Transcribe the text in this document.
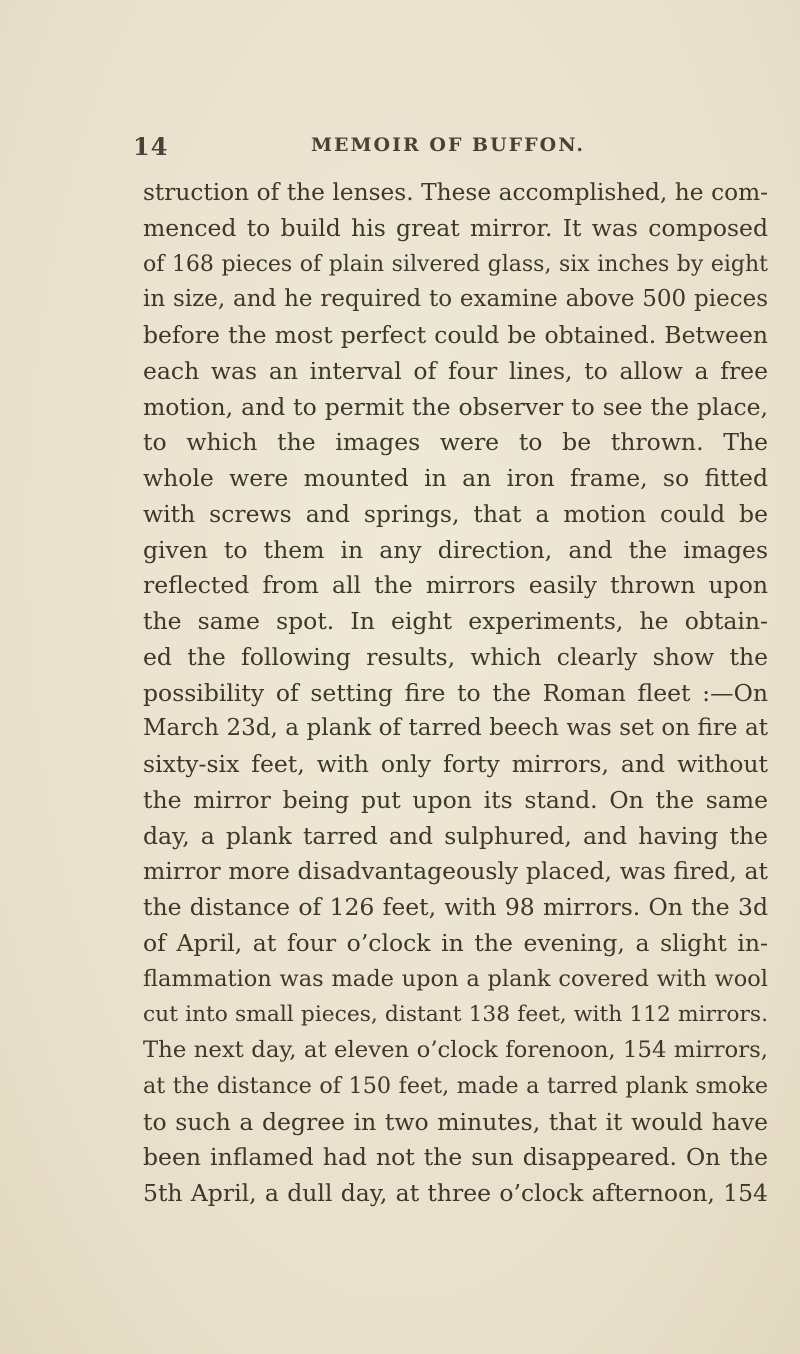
14	MEMOIR OF BUFFON.
struction of the lenses. These accomplished, he com-
menced to build his great mirror. It was composed
of 168 pieces of plain silvered glass, six inches by eight
in size, and he required to examine above 500 pieces
before the most perfect could be obtained. Between
each was an interval of four lines, to allow a free
motion, and to permit the observer to see the place,
to which the images were to be thrown. The
whole were mounted in an iron frame, so fitted
with screws and springs, that a motion could be
given to them in any direction, and the images
reflected from all the mirrors easily thrown upon
the same spot. In eight experiments, he obtain-
ed the following results, which clearly show the
possibility of setting fire to the Roman fleet :—On
March 23d, a plank of tarred beech was set on fire at
sixty-six feet, with only forty mirrors, and without
the mirror being put upon its stand. On the same
day, a plank tarred and sulphured, and having the
mirror more disadvantageously placed, was fired, at
the distance of 126 feet, with 98 mirrors. On the 3d
of April, at four o’clock in the evening, a slight in-
flammation was made upon a plank covered with wool
cut into small pieces, distant 138 feet, with 112 mirrors.
The next day, at eleven o’clock forenoon, 154 mirrors,
at the distance of 150 feet, made a tarred plank smoke
to such a degree in two minutes, that it would have
been inflamed had not the sun disappeared. On the
5th April, a dull day, at three o’clock afternoon, 154
